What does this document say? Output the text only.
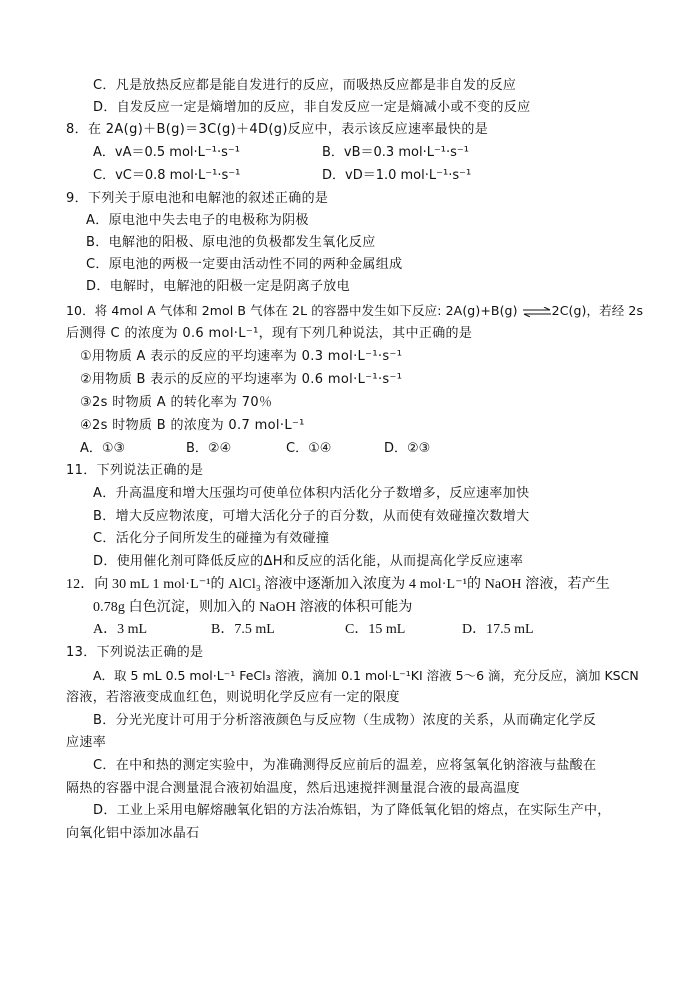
C．凡是放热反应都是能自发进行的反应，而吸热反应都是非自发的反应
D．自发反应一定是熵增加的反应，非自发反应一定是熵减小或不变的反应
8．在 2A(g)＋B(g)＝3C(g)＋4D(g)反应中，表示该反应速率最快的是
A．vA＝0.5 mol·L⁻¹·s⁻¹	B．vB＝0.3 mol·L⁻¹·s⁻¹
C．vC＝0.8 mol·L⁻¹·s⁻¹	D．vD＝1.0 mol·L⁻¹·s⁻¹
9．下列关于原电池和电解池的叙述正确的是
A．原电池中失去电子的电极称为阴极
B．电解池的阳极、原电池的负极都发生氧化反应
C．原电池的两极一定要由活动性不同的两种金属组成
D．电解时，电解池的阳极一定是阴离子放电
10．将 4mol A 气体和 2mol B 气体在 2L 的容器中发生如下反应: 2A(g)+B(g) ⇌2C(g)，若经 2s
后测得 C 的浓度为 0.6 mol·L⁻¹，现有下列几种说法，其中正确的是
①用物质 A 表示的反应的平均速率为 0.3 mol·L⁻¹·s⁻¹
②用物质 B 表示的反应的平均速率为 0.6 mol·L⁻¹·s⁻¹
③2s 时物质 A 的转化率为 70％
④2s 时物质 B 的浓度为 0.7 mol·L⁻¹
A．①③	B．②④	C．①④	D．②③
11．下列说法正确的是
A．升高温度和增大压强均可使单位体积内活化分子数增多，反应速率加快
B．增大反应物浓度，可增大活化分子的百分数，从而使有效碰撞次数增大
C．活化分子间所发生的碰撞为有效碰撞
D．使用催化剂可降低反应的ΔH和反应的活化能，从而提高化学反应速率
12．向 30 mL 1 mol·L⁻¹的 AlCl₃ 溶液中逐渐加入浓度为 4 mol·L⁻¹的 NaOH 溶液，若产生
0.78g 白色沉淀，则加入的 NaOH 溶液的体积可能为
A．3 mL	B．7.5 mL	C．15 mL	D．17.5 mL
13．下列说法正确的是
A．取 5 mL 0.5 mol·L⁻¹ FeCl₃ 溶液，滴加 0.1 mol·L⁻¹KI 溶液 5～6 滴，充分反应，滴加 KSCN
溶液，若溶液变成血红色，则说明化学反应有一定的限度
B．分光光度计可用于分析溶液颜色与反应物（生成物）浓度的关系，从而确定化学反
应速率
C．在中和热的测定实验中，为准确测得反应前后的温差，应将氢氧化钠溶液与盐酸在
隔热的容器中混合测量混合液初始温度，然后迅速搅拌测量混合液的最高温度
D．工业上采用电解熔融氧化铝的方法冶炼铝，为了降低氧化铝的熔点，在实际生产中，
向氧化铝中添加冰晶石
